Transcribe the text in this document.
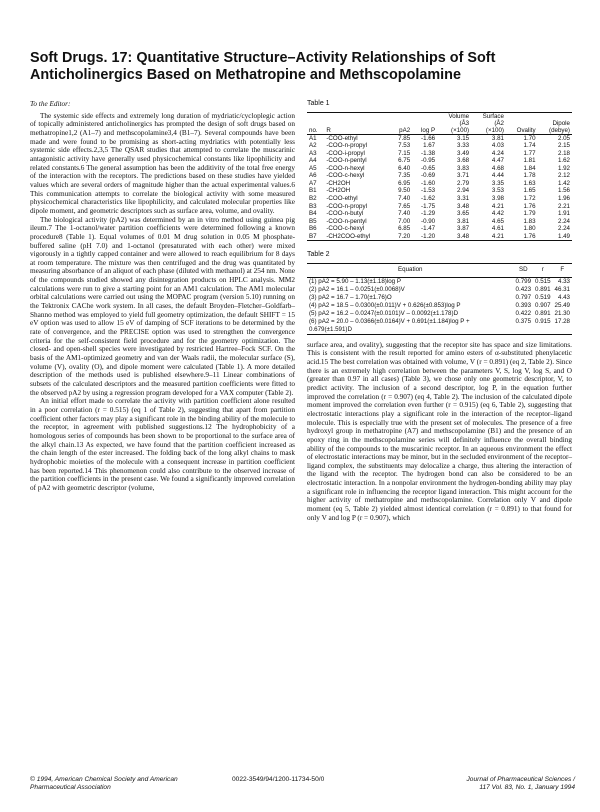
Soft Drugs. 17: Quantitative Structure–Activity Relationships of Soft Anticholinergics Based on Methatropine and Methscopolamine
To the Editor:

The systemic side effects and extremely long duration of mydriatic/cycloplegic action of topically administered anticholinergics has prompted the design of soft drugs based on methatropine1,2 (A1–7) and methscopolamine3,4 (B1–7). Several compounds have been made and were found to be promising as short-acting mydriatics with potentially less systemic side effects.2,3,5 The QSAR studies that attempted to correlate the muscarinic antagonistic activity have generally used physicochemical constants like lipophilicity and related constants.6 The general assumption has been the additivity of the total free energy of the interaction with the receptors. The predictions based on these studies have yielded values which are several orders of magnitude higher than the actual experimental values.6 This communication attempts to correlate the biological activity with some measured physicochemical characteristics like lipophilicity, and calculated molecular properties like dipole moment, and geometric descriptors such as surface area, volume, and ovality.

The biological activity (pA2) was determined by an in vitro method using guinea pig ileum.7 The 1-octanol/water partition coefficients were determined following a known procedure8 (Table 1). Equal volumes of 0.01 M drug solution in 0.05 M phosphate-buffered saline (pH 7.0) and 1-octanol (presaturated with each other) were mixed vigorously in a tightly capped container and were allowed to reach equilibrium for 8 days at room temperature. The mixture was then centrifuged and the drug was quantitated by measuring absorbance of an aliquot of each phase (diluted with methanol) at 254 nm. None of the compounds studied showed any disintegration products on HPLC analysis. MM2 calculations were run to give a starting point for an AM1 calculation. The AM1 molecular orbital calculations were carried out using the MOPAC program (version 5.10) running on the Tektronix CAChe work system. In all cases, the default Broyden–Fletcher–Goldfarb–Shanno method was employed to yield full geometry optimization, the default SHIFT = 15 eV option was used to allow 15 eV of damping of SCF iterations to be determined by the rate of convergence, and the PRECISE option was used to strengthen the convergence criteria for the self-consistent field procedure and for the geometry optimization. The closed- and open-shell species were investigated by restricted Hartree–Fock SCF. On the basis of the AM1-optimized geometry and van der Waals radii, the molecular surface (S), volume (V), ovality (O), and dipole moment were calculated (Table 1). A more detailed description of the methods used is published elsewhere.9–11 Linear combinations of subsets of the calculated descriptors and the measured partition coefficients were fitted to the observed pA2 by using a regression program developed for a VAX computer (Table 2).

An initial effort made to correlate the activity with partition coefficient alone resulted in a poor correlation (r = 0.515) (eq 1 of Table 2), suggesting that apart from partition coefficient other factors may play a significant role in the binding ability of the molecule to the receptor, in agreement with published suggestions.12 The hydrophobicity of a homologous series of compounds has been shown to be proportional to the surface area of the alkyl chain.13 As expected, we have found that the partition coefficient increased as the chain length of the ester increased. The folding back of the long alkyl chains to mask hydrophobic moieties of the molecule with a consequent increase in partition coefficient has been reported.14 This phenomenon could also contribute to the observed increase of the partition coefficients in the present case. We found a significantly improved correlation of pA2 with geometric descriptor (volume,

Table 1
				Volume	Surface		
				(Å3	(Å2		Dipole
no.	R	pA2	log P	(×100)	(×100)	Ovality	(debye)
A1	-COO-ethyl	7.85	-1.66	3.15	3.81	1.70	2.05
A2	-COO-n-propyl	7.53	1.67	3.33	4.03	1.74	2.15
A3	-COO-i-propyl	7.15	-1.38	3.49	4.24	1.77	2.18
A4	-COO-n-pentyl	6.75	-0.95	3.68	4.47	1.81	1.62
A5	-COO-n-hexyl	6.40	-0.65	3.83	4.68	1.84	1.92
A6	-COO-c-hexyl	7.35	-0.69	3.71	4.44	1.78	2.12
A7	-CH2OH	6.95	-1.60	2.79	3.35	1.63	1.42
B1	-CH2OH	9.50	-1.53	2.94	3.53	1.65	1.56
B2	-COO-ethyl	7.40	-1.62	3.31	3.98	1.72	1.96
B3	-COO-n-propyl	7.65	-1.75	3.48	4.21	1.76	2.21
B4	-COO-n-butyl	7.40	-1.29	3.65	4.42	1.79	1.91
B5	-COO-n-pentyl	7.00	-0.90	3.81	4.65	1.83	2.24
B6	-COO-c-hexyl	6.85	-1.47	3.87	4.61	1.80	2.24
B7	-CH2COO-ethyl	7.20	-1.20	3.48	4.21	1.76	1.49
Table 2
Equation	SD	r	F
(1) pA2 = 5.90 – 1.13(±1.18)log P	0.799	0.515	4.33
(2) pA2 = 16.1 – 0.0251(±0.0068)V	0.423	0.891	46.31
(3) pA2 = 16.7 – 1.70(±1.76)O	0.797	0.519	4.43
(4) pA2 = 18.5 – 0.0300(±0.011)V + 0.626(±0.853)log P	0.393	0.907	25.49
(5) pA2 = 16.2 – 0.0247(±0.0101)V – 0.0092(±1.178)D	0.422	0.891	21.30
(6) pA2 = 20.0 – 0.0366(±0.0164)V + 0.691(±1.184)log P + 0.679(±1.591)D	0.375	0.915	17.28

surface area, and ovality), suggesting that the receptor site has space and size limitations. This is consistent with the result reported for amino esters of α-substituted phenylacetic acid.15 The best correlation was obtained with volume, V (r = 0.891) (eq 2, Table 2). Since there is an extremely high correlation between the parameters V, S, log V, log S, and O (greater than 0.97 in all cases) (Table 3), we chose only one geometric descriptor, V, to predict activity. The inclusion of a second descriptor, log P, in the equation further improved the correlation (r = 0.907) (eq 4, Table 2). The inclusion of the calculated dipole moment improved the correlation even further (r = 0.915) (eq 6, Table 2), suggesting that electrostatic interactions play a significant role in the interaction of the receptor–ligand molecule. This is especially true with the present set of molecules. The presence of a free hydroxyl group in methatropine (A7) and methscopolamine (B1) and the presence of an epoxy ring in the methscopolamine series will definitely influence the overall binding ability of the compounds to the muscarinic receptor. In an aqueous environment the effect of electrostatic interactions may be minor, but in the secluded environment of the receptor–ligand complex, the substituents may delocalize a charge, thus altering the interaction of the ligand with the receptor. The hydrogen bond can also be considered to be an electrostatic interaction. In a nonpolar environment the hydrogen-bonding ability may play a significant role in influencing the receptor ligand interaction. This might account for the higher activity of methatropine and methscopolamine. Correlation only V and dipole moment (eq 5, Table 2) yielded almost identical correlation (r = 0.891) to that found for only V and log P (r = 0.907), which

© 1994, American Chemical Society and American Pharmaceutical Association
0022-3549/94/1200-11734-50/0	Journal of Pharmaceutical Sciences / 117 Vol. 83, No. 1, January 1994
